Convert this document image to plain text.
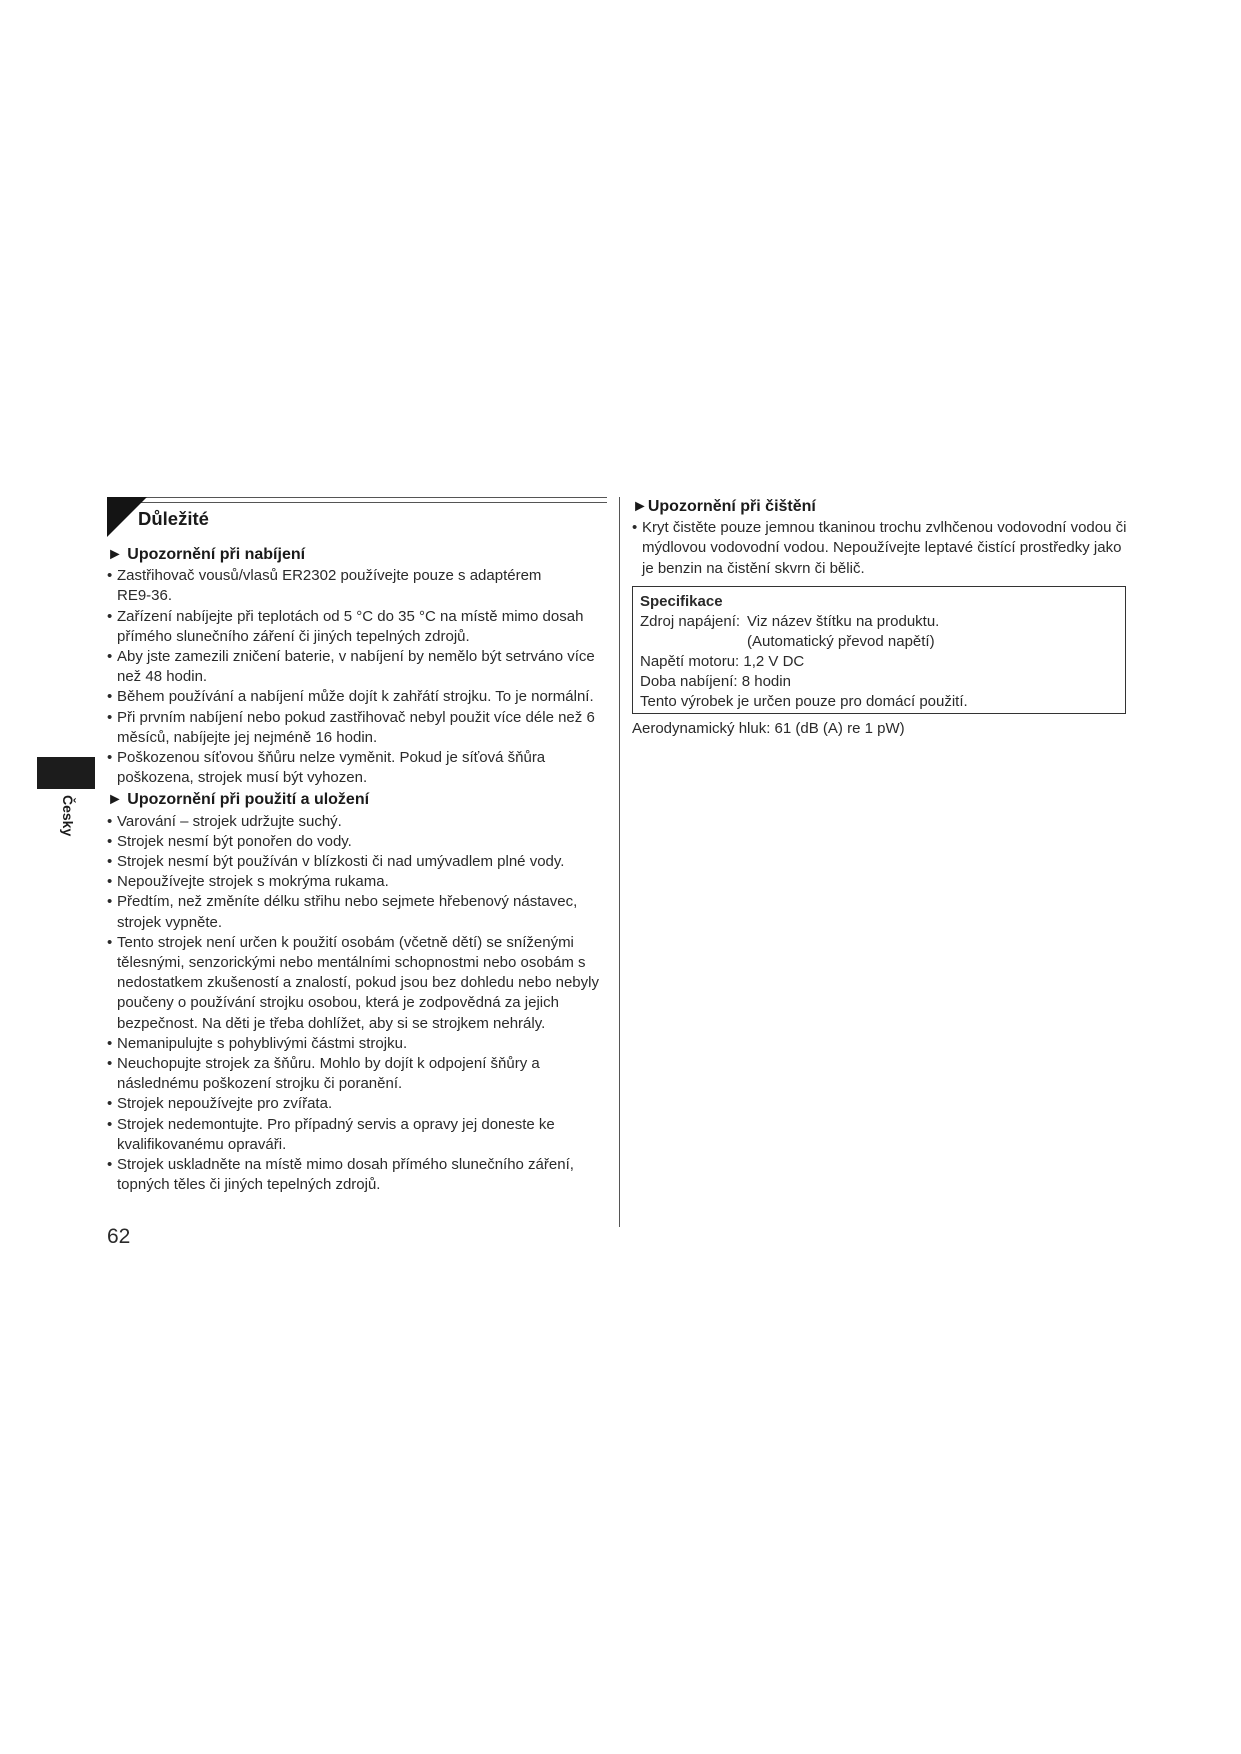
Důležité
Česky
► Upozornění při nabíjení
• Zastřihovač vousů/vlasů ER2302 používejte pouze s adaptérem RE9-36.
• Zařízení nabíjejte při teplotách od 5 °C do 35 °C na místě mimo dosah přímého slunečního záření či jiných tepelných zdrojů.
• Aby jste zamezili zničení baterie, v nabíjení by nemělo být setrváno více než 48 hodin.
• Během používání a nabíjení může dojít k zahřátí strojku. To je normální.
• Při prvním nabíjení nebo pokud zastřihovač nebyl použit více déle než 6 měsíců, nabíjejte jej nejméně 16 hodin.
• Poškozenou síťovou šňůru nelze vyměnit. Pokud je síťová šňůra poškozena, strojek musí být vyhozen.
► Upozornění při použití a uložení
• Varování – strojek udržujte suchý.
• Strojek nesmí být ponořen do vody.
• Strojek nesmí být používán v blízkosti či nad umývadlem plné vody.
• Nepoužívejte strojek s mokrýma rukama.
• Předtím, než změníte délku střihu nebo sejmete hřebenový nástavec, strojek vypněte.
• Tento strojek není určen k použití osobám (včetně dětí) se sníženými tělesnými, senzorickými nebo mentálními schopnostmi nebo osobám s nedostatkem zkušeností a znalostí, pokud jsou bez dohledu nebo nebyly poučeny o používání strojku osobou, která je zodpovědná za jejich bezpečnost. Na děti je třeba dohlížet, aby si se strojkem nehrály.
• Nemanipulujte s pohyblivými částmi strojku.
• Neuchopujte strojek za šňůru. Mohlo by dojít k odpojení šňůry a následnému poškození strojku či poranění.
• Strojek nepoužívejte pro zvířata.
• Strojek nedemontujte. Pro případný servis a opravy jej doneste ke kvalifikovanému opraváři.
• Strojek uskladněte na místě mimo dosah přímého slunečního záření, topných těles či jiných tepelných zdrojů.
►Upozornění při čištění
• Kryt čistěte pouze jemnou tkaninou trochu zvlhčenou vodovodní vodou či mýdlovou vodovodní vodou. Nepoužívejte leptavé čistící prostředky jako je benzin na čistění skvrn či bělič.
Specifikace
Zdroj napájení: Viz název štítku na produktu.
(Automatický převod napětí)
Napětí motoru: 1,2 V DC
Doba nabíjení: 8 hodin
Tento výrobek je určen pouze pro domácí použití.
Aerodynamický hluk: 61 (dB (A) re 1 pW)
62
